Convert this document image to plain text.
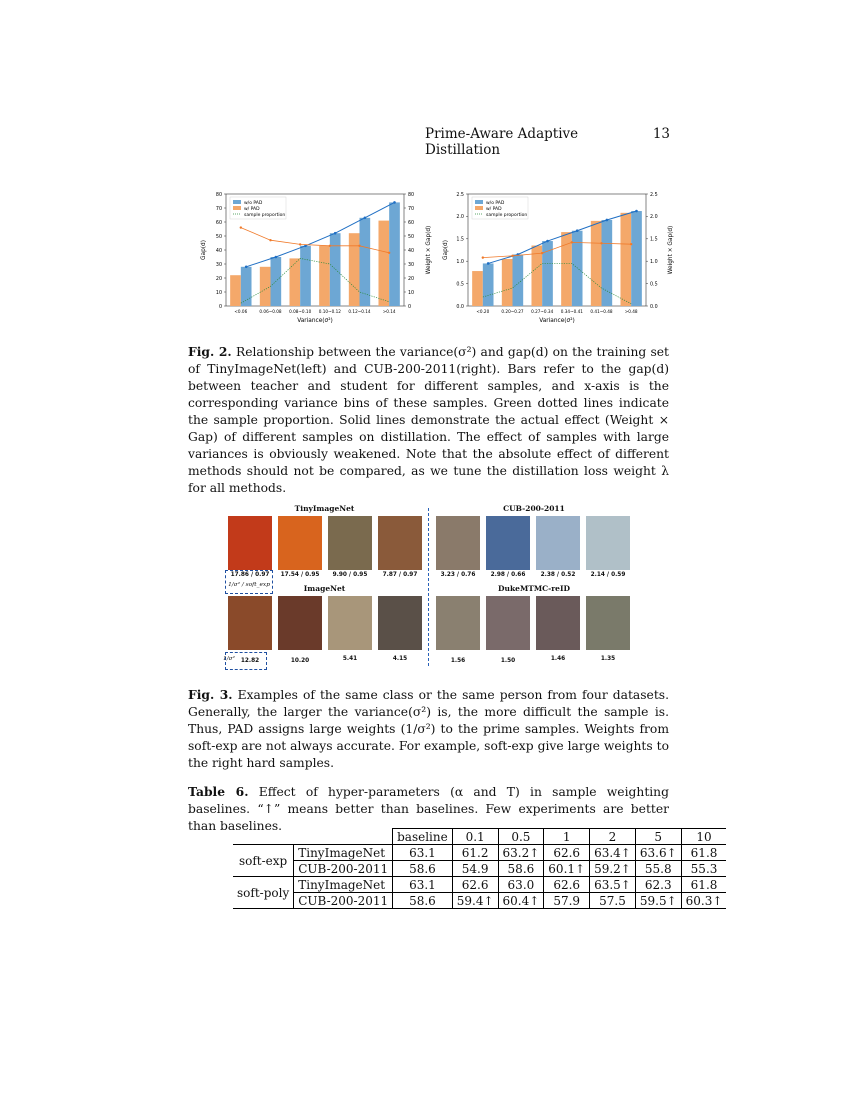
Prime-Aware Adaptive Distillation
13
0	0
10	10
20	20
30	30
40	40
50	50
60	60
70	70
80	80
<0.06	0.06~0.08 0.08~0.10 0.10~0.12 0.12~0.14	>0.14
w/o PAD
w/ PAD
sample proportion
Variance(σ²)
Gap(d)	Weight × Gap(d)
0.0	0.0
0.5	0.5
1.0	1.0
1.5	1.5
2.0	2.0
2.5	2.5
<0.20	0.20~0.27 0.27~0.34 0.34~0.41 0.41~0.48	>0.48
w/o PAD
w/ PAD
sample proportion
Variance(σ²)
Gap(d)	Weight × Gap(d)
Fig. 2. Relationship between the variance(σ²) and gap(d) on the training set of TinyImageNet(left) and CUB-200-2011(right). Bars refer to the gap(d) between teacher and student for different samples, and x-axis is the corresponding variance bins of these samples. Green dotted lines indicate the sample proportion. Solid lines demonstrate the actual effect (Weight × Gap) of different samples on distillation. The effect of samples with large variances is obviously weakened. Note that the absolute effect of different methods should not be compared, as we tune the distillation loss weight λ for all methods.
TinyImageNet	CUB-200-2011
ImageNet	DukeMTMC-reID
17.86 / 0.97	17.54 / 0.95	9.90 / 0.95	7.87 / 0.97	3.23 / 0.76	2.98 / 0.66	2.38 / 0.52	2.14 / 0.59
1/σ² / soft_exp
12.82	10.20	5.41	4.15	1.56	1.50	1.46	1.35
1/σ²
Fig. 3. Examples of the same class or the same person from four datasets. Generally, the larger the variance(σ²) is, the more difficult the sample is. Thus, PAD assigns large weights (1/σ²) to the prime samples. Weights from soft-exp are not always accurate. For example, soft-exp give large weights to the right hard samples.
Table 6. Effect of hyper-parameters (α and T) in sample weighting baselines. “↑” means better than baselines. Few experiments are better than baselines.
		baseline	0.1	0.5	1	2	5	10
soft-exp	TinyImageNet	63.1	61.2	63.2↑	62.6	63.4↑	63.6↑	61.8
	CUB-200-2011	58.6	54.9	58.6	60.1↑	59.2↑	55.8	55.3
soft-poly	TinyImageNet	63.1	62.6	63.0	62.6	63.5↑	62.3	61.8
	CUB-200-2011	58.6	59.4↑	60.4↑	57.9	57.5	59.5↑	60.3↑
